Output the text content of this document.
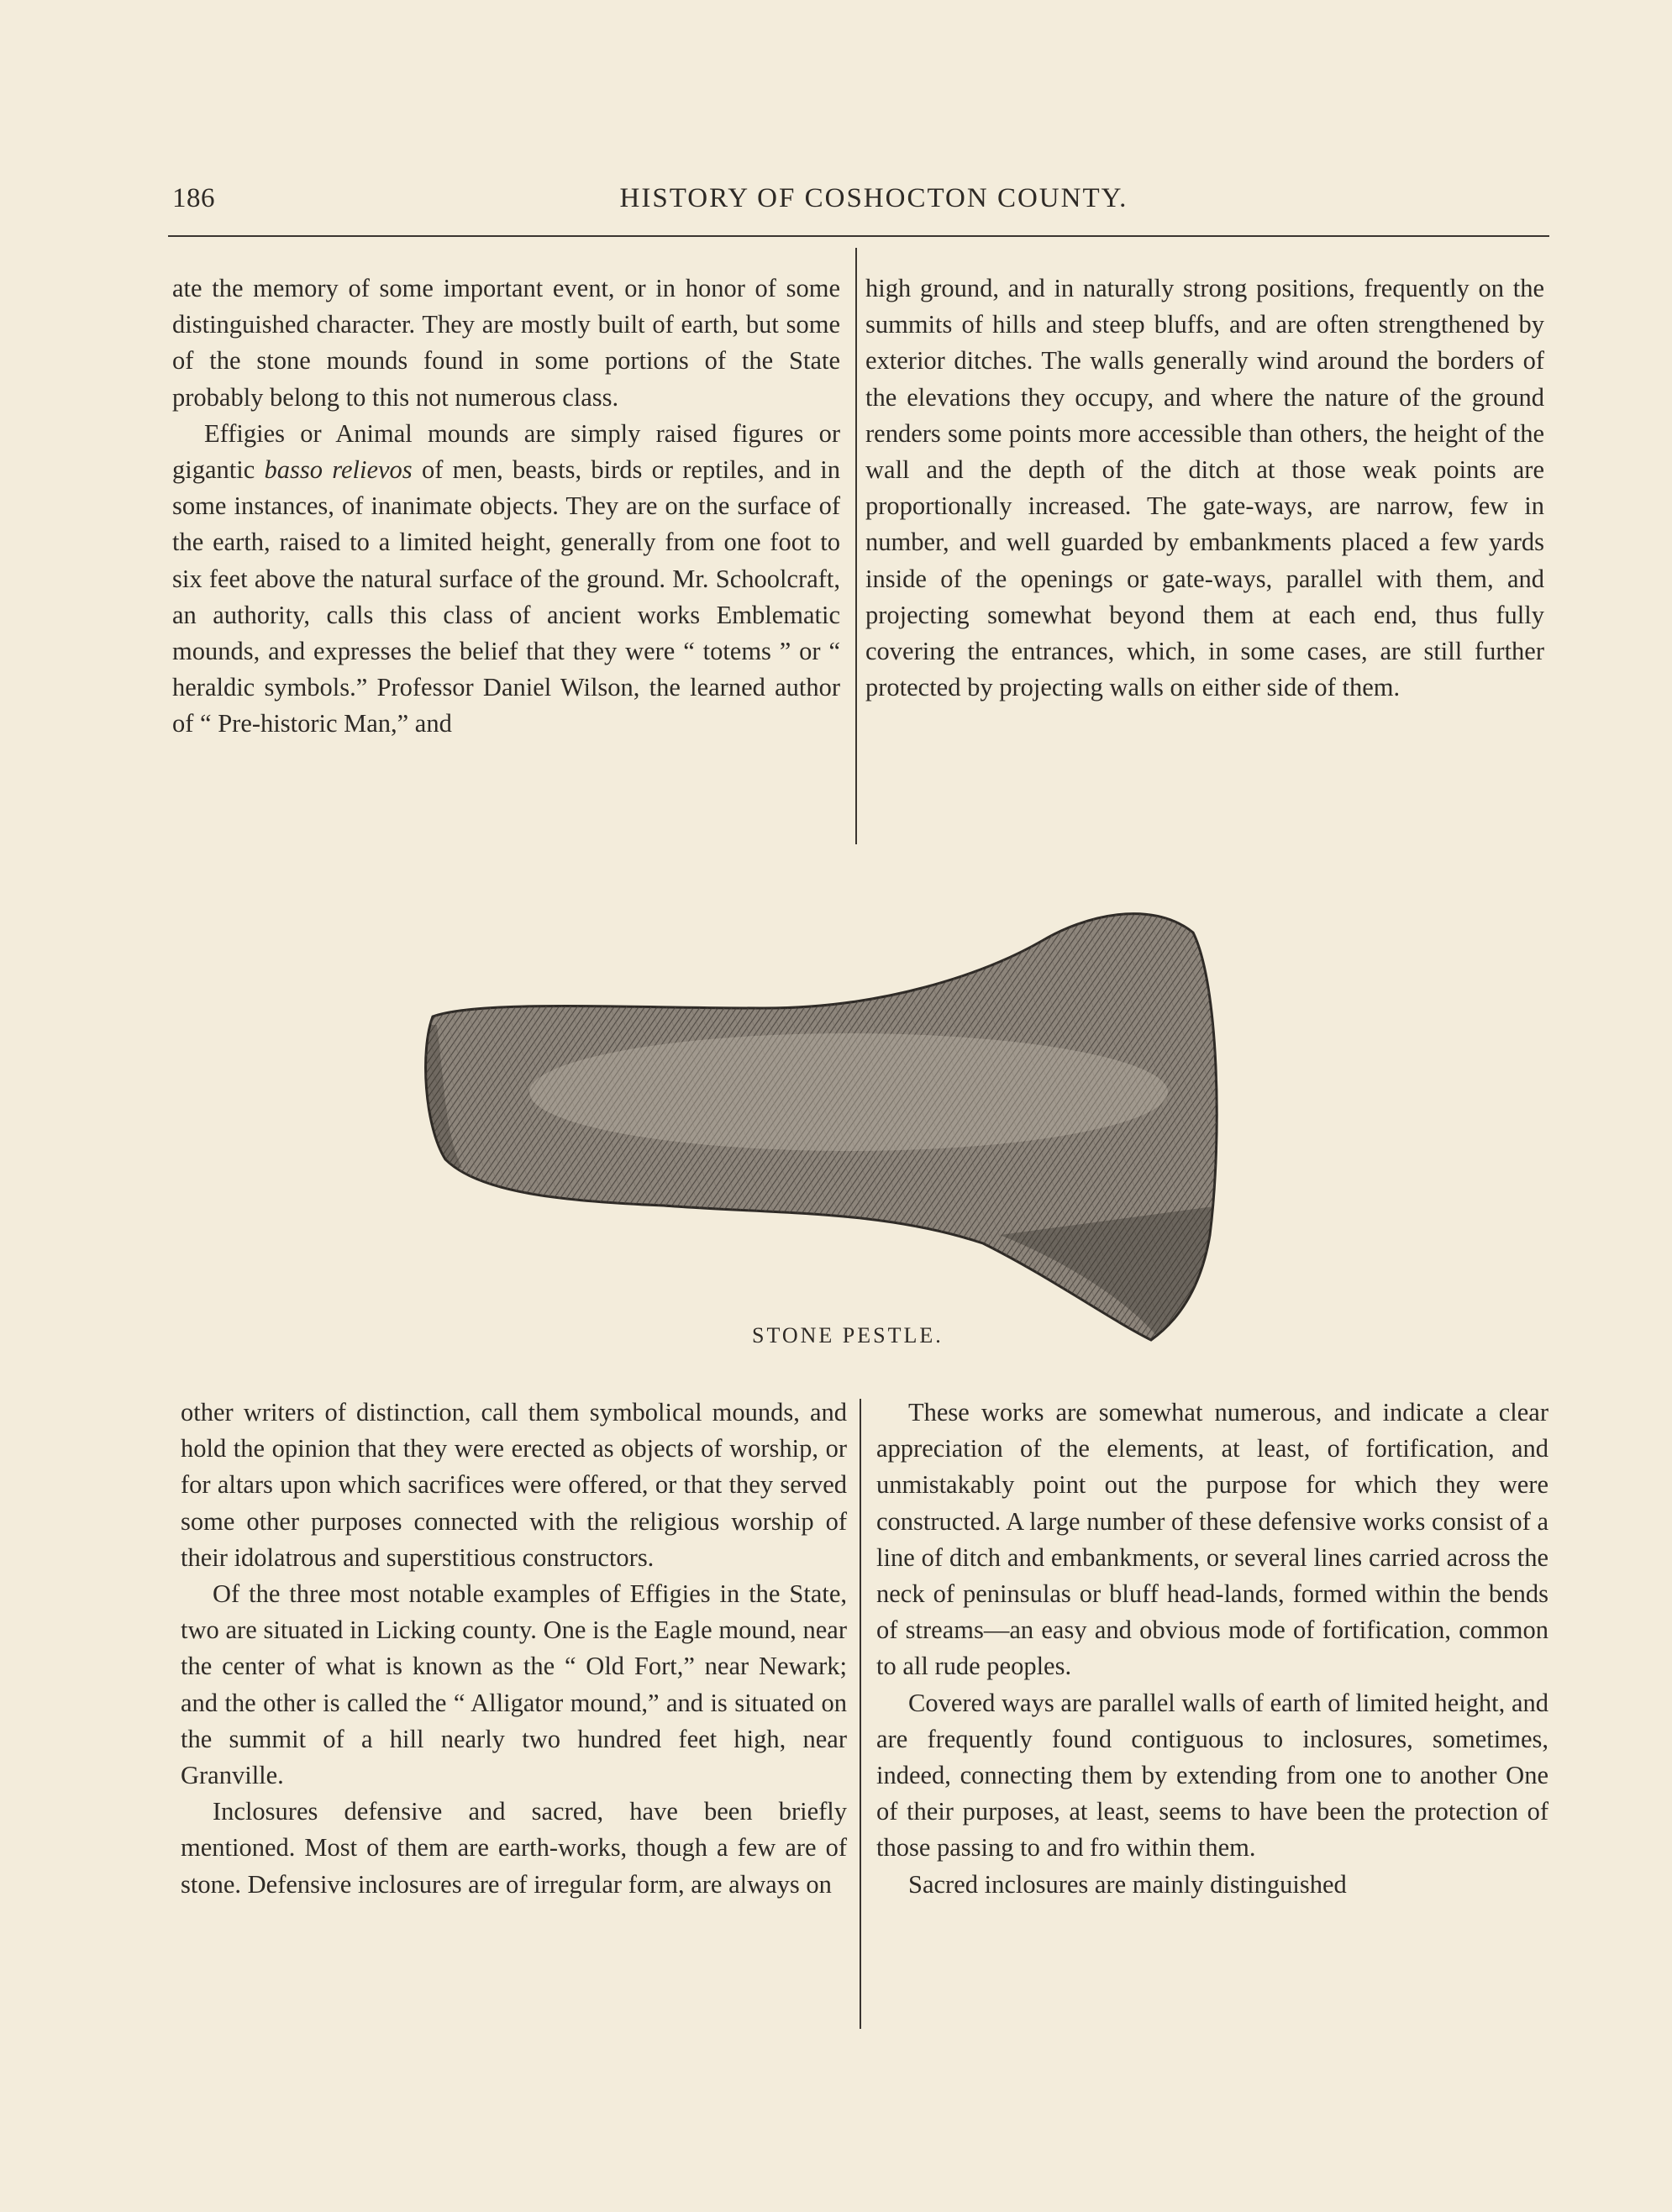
186	HISTORY OF COSHOCTON COUNTY.

ate the memory of some important event, or in honor of some distinguished character. They are mostly built of earth, but some of the stone mounds found in some portions of the State probably belong to this not numerous class.

Effigies or Animal mounds are simply raised figures or gigantic basso relievos of men, beasts, birds or reptiles, and in some instances, of inanimate objects. They are on the surface of the earth, raised to a limited height, generally from one foot to six feet above the natural surface of the ground. Mr. Schoolcraft, an authority, calls this class of ancient works Emblematic mounds, and expresses the belief that they were “ totems ” or “ heraldic symbols.” Professor Daniel Wilson, the learned author of “ Pre-historic Man,” and

high ground, and in naturally strong positions, frequently on the summits of hills and steep bluffs, and are often strengthened by exterior ditches. The walls generally wind around the borders of the elevations they occupy, and where the nature of the ground renders some points more accessible than others, the height of the wall and the depth of the ditch at those weak points are proportionally increased. The gate-ways, are narrow, few in number, and well guarded by embankments placed a few yards inside of the openings or gate-ways, parallel with them, and projecting somewhat beyond them at each end, thus fully covering the entrances, which, in some cases, are still further protected by projecting walls on either side of them.

STONE PESTLE.

other writers of distinction, call them symbolical mounds, and hold the opinion that they were erected as objects of worship, or for altars upon which sacrifices were offered, or that they served some other purposes connected with the religious worship of their idolatrous and superstitious constructors.

Of the three most notable examples of Effigies in the State, two are situated in Licking county. One is the Eagle mound, near the center of what is known as the “ Old Fort,” near Newark; and the other is called the “ Alligator mound,” and is situated on the summit of a hill nearly two hundred feet high, near Granville.

Inclosures defensive and sacred, have been briefly mentioned. Most of them are earth-works, though a few are of stone. Defensive inclosures are of irregular form, are always on

These works are somewhat numerous, and indicate a clear appreciation of the elements, at least, of fortification, and unmistakably point out the purpose for which they were constructed. A large number of these defensive works consist of a line of ditch and embankments, or several lines carried across the neck of peninsulas or bluff head-lands, formed within the bends of streams—an easy and obvious mode of fortification, common to all rude peoples.

Covered ways are parallel walls of earth of limited height, and are frequently found contiguous to inclosures, sometimes, indeed, connecting them by extending from one to another One of their purposes, at least, seems to have been the protection of those passing to and fro within them.

Sacred inclosures are mainly distinguished
